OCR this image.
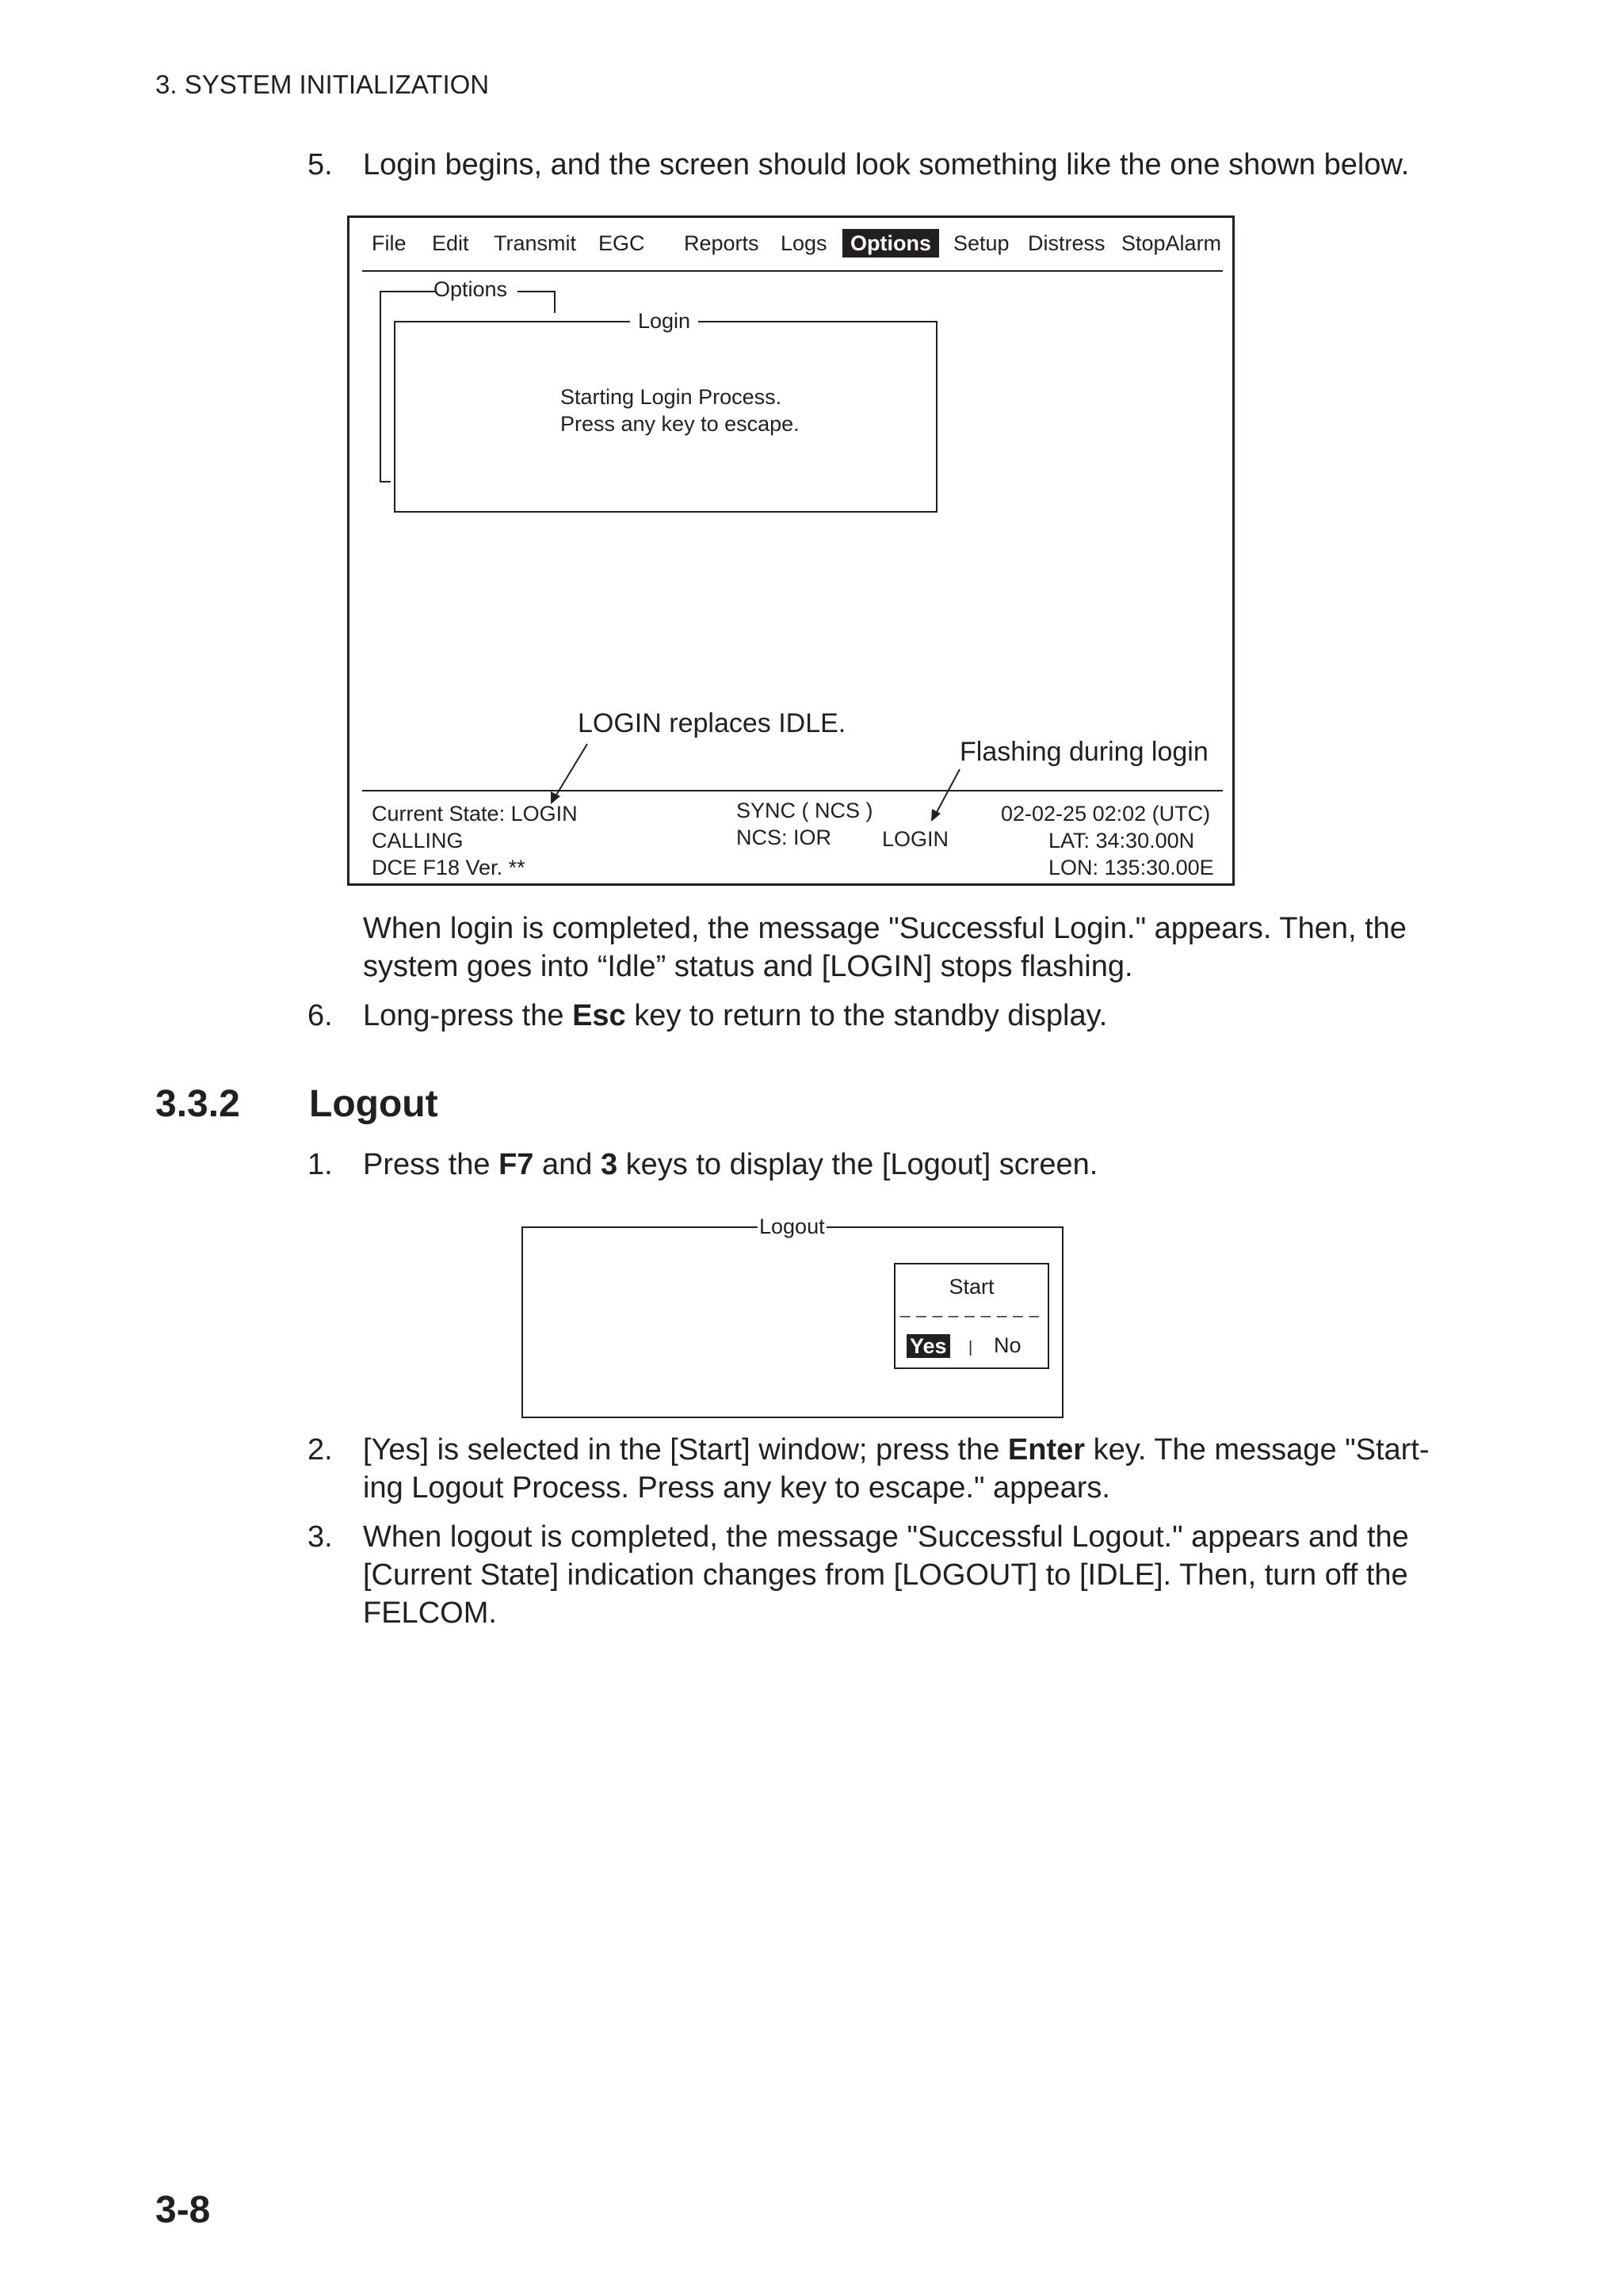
3. SYSTEM INITIALIZATION
5. Login begins, and the screen should look something like the one shown below.
File Edit Transmit EGC Reports Logs	Options	Setup Distress StopAlarm
Options
Login
Starting Login Process.
Press any key to escape.
LOGIN replaces IDLE.
Flashing during login
Current State: LOGIN
CALLING
DCE F18 Ver. **
SYNC ( NCS )
NCS: IOR LOGIN
02-02-25 02:02 (UTC)
LAT: 34:30.00N
LON: 135:30.00E
When login is completed, the message "Successful Login." appears. Then, the system goes into “Idle” status and [LOGIN] stops flashing.
6. Long-press the Esc key to return to the standby display.
3.3.2 Logout
1. Press the F7 and 3 keys to display the [Logout] screen.
Logout
Start
_ _ _ _ _ _ _ _ _
Yes | No
2. [Yes] is selected in the [Start] window; press the Enter key. The message "Start-ing Logout Process. Press any key to escape." appears.
3. When logout is completed, the message "Successful Logout." appears and the [Current State] indication changes from [LOGOUT] to [IDLE]. Then, turn off the FELCOM.
3-8
